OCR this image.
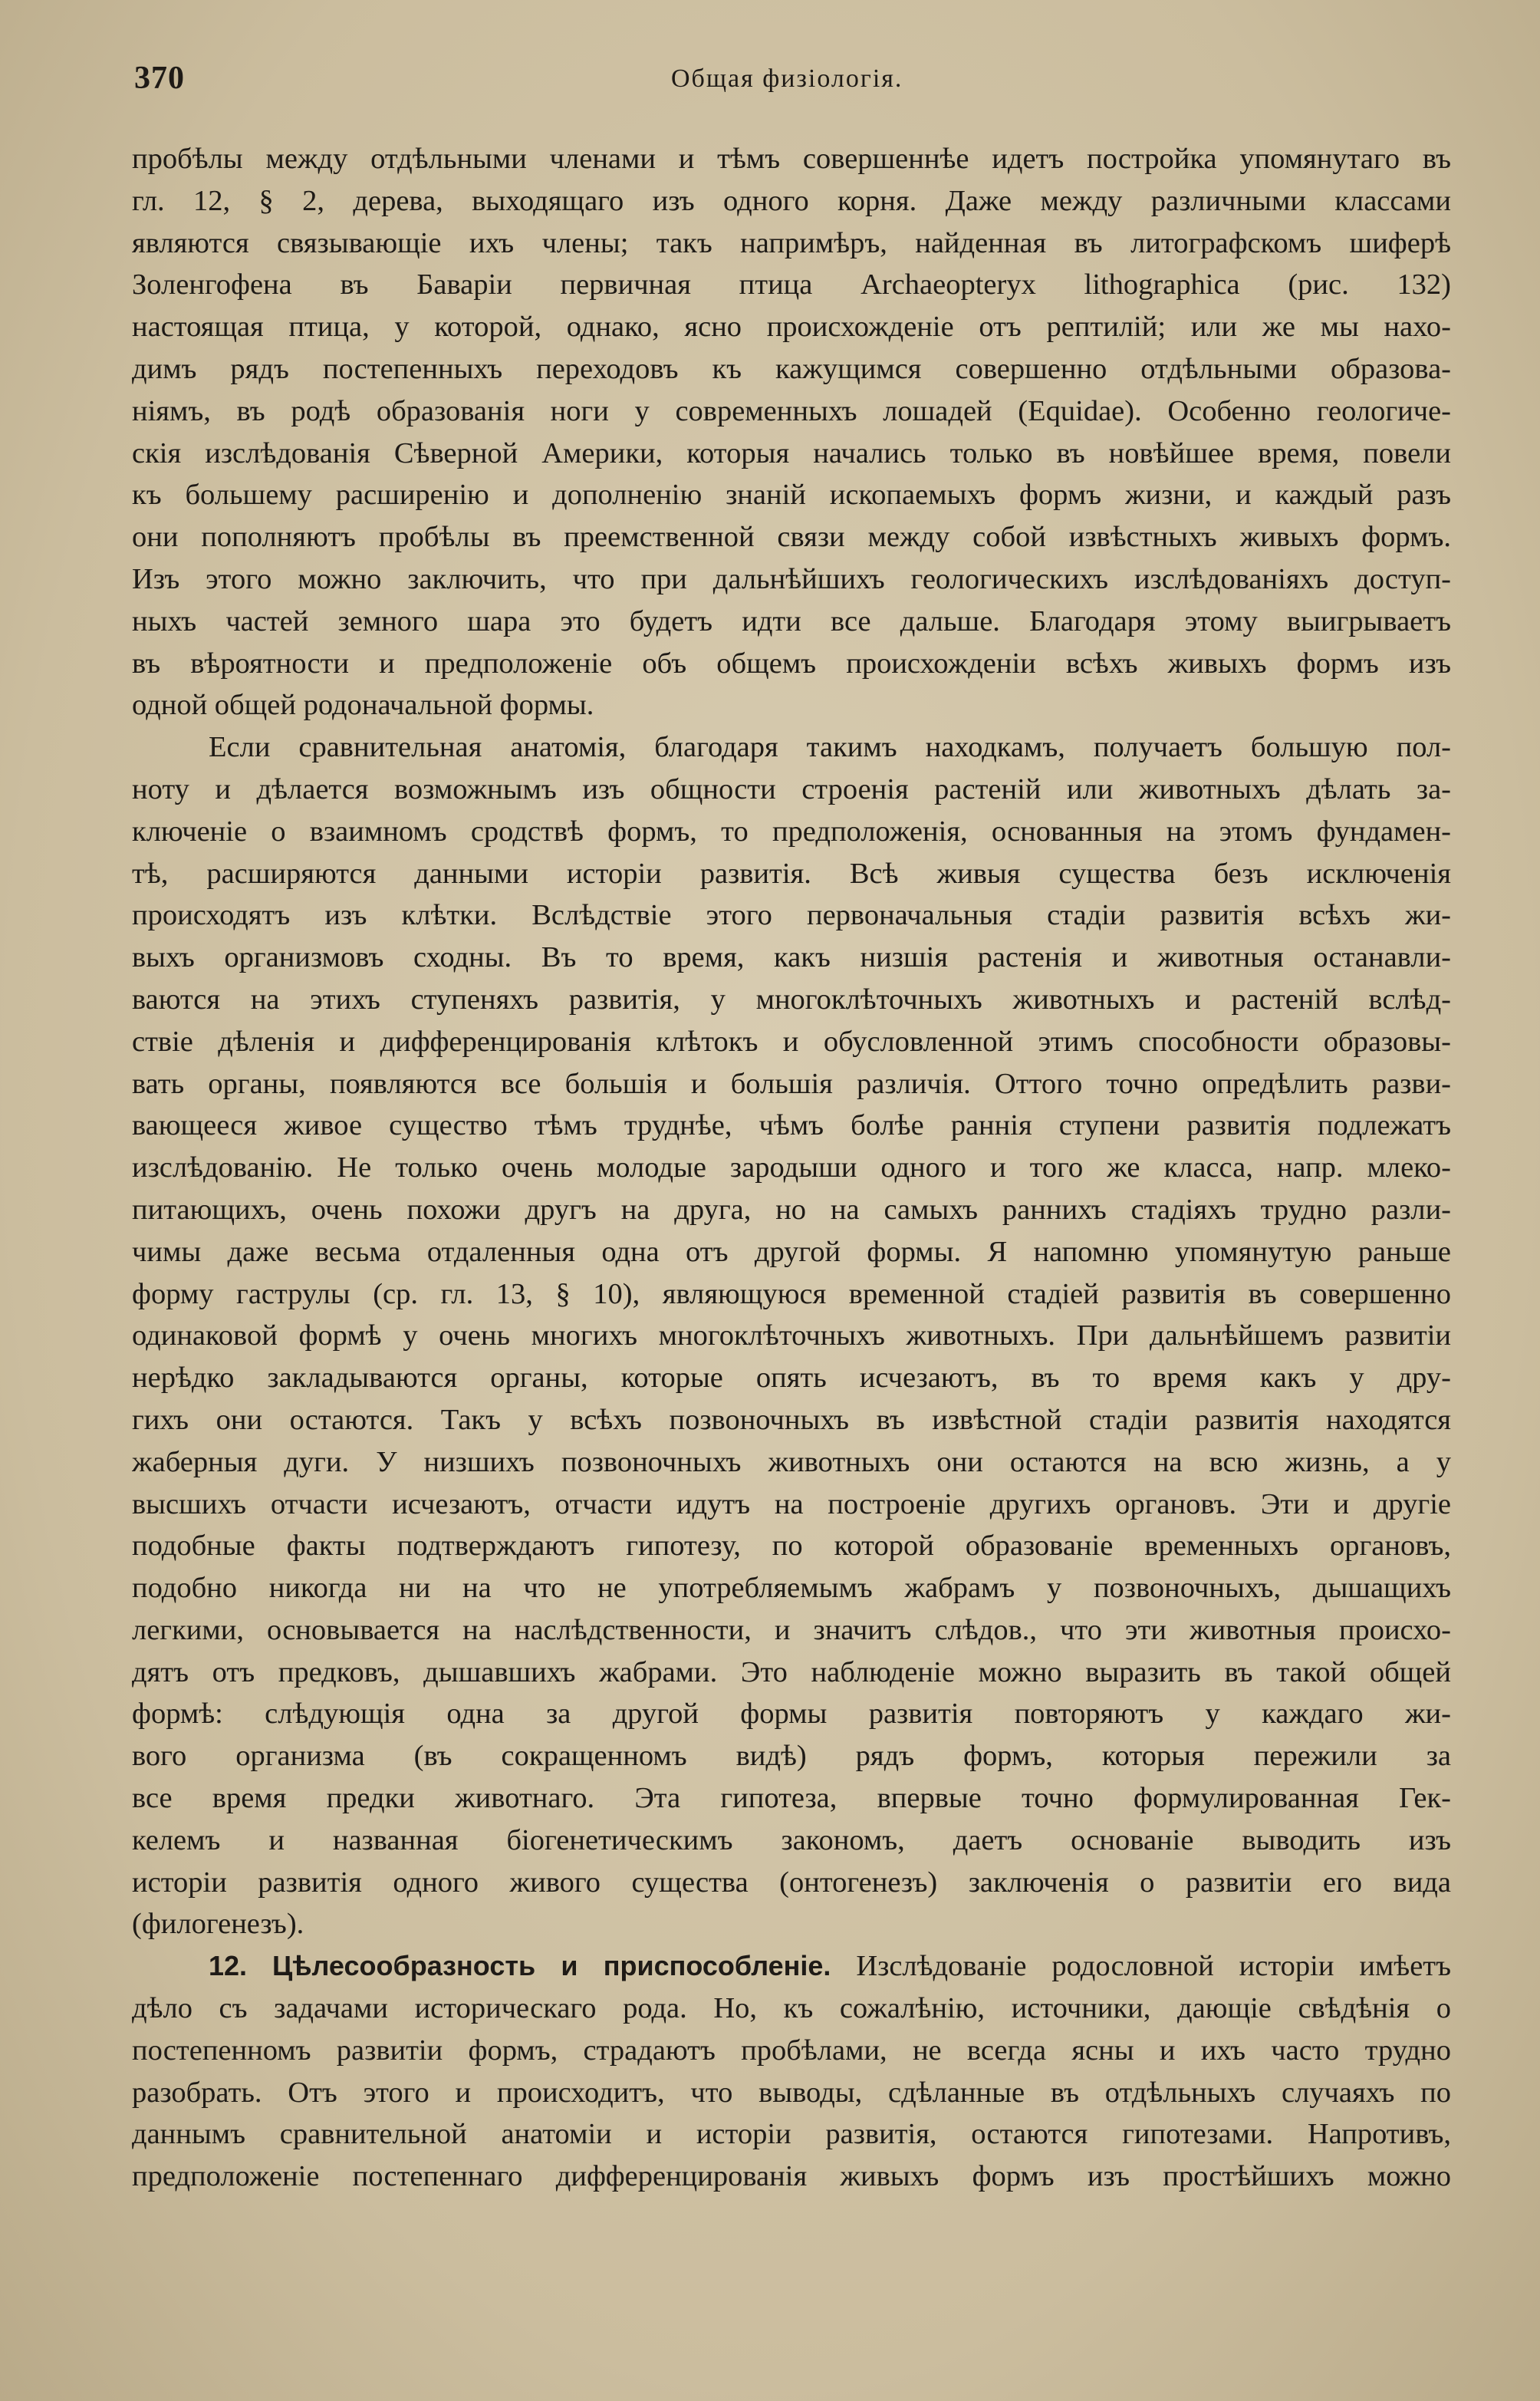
370	Общая физiологiя.
пробѣлы между отдѣльными членами и тѣмъ совершеннѣе идетъ постройка упомянутаго въ
гл. 12, § 2, дерева, выходящаго изъ одного корня. Даже между различными классами
являются связывающiе ихъ члены; такъ напримѣръ, найденная въ литографскомъ шиферѣ
Золенгофена въ Баварiи первичная птица Archaeopteryx lithographica (рис. 132)
настоящая птица, у которой, однако, ясно происхожденiе отъ рептилiй; или же мы нахо-
димъ рядъ постепенныхъ переходовъ къ кажущимся совершенно отдѣльными образова-
нiямъ, въ родѣ образованiя ноги у современныхъ лошадей (Equidae). Особенно геологиче-
скiя изслѣдованiя Сѣверной Америки, которыя начались только въ новѣйшее время, повели
къ большему расширенiю и дополненiю знанiй ископаемыхъ формъ жизни, и каждый разъ
они пополняютъ пробѣлы въ преемственной связи между собой извѣстныхъ живыхъ формъ.
Изъ этого можно заключить, что при дальнѣйшихъ геологическихъ изслѣдованiяхъ доступ-
ныхъ частей земного шара это будетъ идти все дальше. Благодаря этому выигрываетъ
въ вѣроятности и предположенiе объ общемъ происхожденiи всѣхъ живыхъ формъ изъ
одной общей родоначальной формы.
Если сравнительная анатомiя, благодаря такимъ находкамъ, получаетъ большую пол-
ноту и дѣлается возможнымъ изъ общности строенiя растенiй или животныхъ дѣлать за-
ключенiе о взаимномъ сродствѣ формъ, то предположенiя, основанныя на этомъ фундамен-
тѣ, расширяются данными исторiи развитiя. Всѣ живыя существа безъ исключенiя
происходятъ изъ клѣтки. Вслѣдствiе этого первоначальныя стадiи развитiя всѣхъ жи-
выхъ организмовъ сходны. Въ то время, какъ низшiя растенiя и животныя останавли-
ваются на этихъ ступеняхъ развитiя, у многоклѣточныхъ животныхъ и растенiй вслѣд-
ствiе дѣленiя и дифференцированiя клѣтокъ и обусловленной этимъ способности образовы-
вать органы, появляются все большiя и большiя различiя. Оттого точно опредѣлить разви-
вающееся живое существо тѣмъ труднѣе, чѣмъ болѣе раннiя ступени развитiя подлежатъ
изслѣдованiю. Не только очень молодые зародыши одного и того же класса, напр. млеко-
питающихъ, очень похожи другъ на друга, но на самыхъ раннихъ стадiяхъ трудно разли-
чимы даже весьма отдаленныя одна отъ другой формы. Я напомню упомянутую раньше
форму гаструлы (ср. гл. 13, § 10), являющуюся временной стадiей развитiя въ совершенно
одинаковой формѣ у очень многихъ многоклѣточныхъ животныхъ. При дальнѣйшемъ развитiи
нерѣдко закладываются органы, которые опять исчезаютъ, въ то время какъ у дру-
гихъ они остаются. Такъ у всѣхъ позвоночныхъ въ извѣстной стадiи развитiя находятся
жаберныя дуги. У низшихъ позвоночныхъ животныхъ они остаются на всю жизнь, а у
высшихъ отчасти исчезаютъ, отчасти идутъ на построенiе другихъ органовъ. Эти и другiе
подобные факты подтверждаютъ гипотезу, по которой образованiе временныхъ органовъ,
подобно никогда ни на что не употребляемымъ жабрамъ у позвоночныхъ, дышащихъ
легкими, основывается на наслѣдственности, и значитъ слѣдов., что эти животныя происхо-
дятъ отъ предковъ, дышавшихъ жабрами. Это наблюденiе можно выразить въ такой общей
формѣ: слѣдующiя одна за другой формы развитiя повторяютъ у каждаго жи-
вого организма (въ сокращенномъ видѣ) рядъ формъ, которыя пережили за
все время предки животнаго. Эта гипотеза, впервые точно формулированная Гек-
келемъ и названная бiогенетическимъ закономъ, даетъ основанiе выводить изъ
исторiи развитiя одного живого существа (онтогенезъ) заключенiя о развитiи его вида
(филогенезъ).
12. Цѣлесообразность и приспособленiе. Изслѣдованiе родословной исторiи имѣетъ
дѣло съ задачами историческаго рода. Но, къ сожалѣнiю, источники, дающiе свѣдѣнiя о
постепенномъ развитiи формъ, страдаютъ пробѣлами, не всегда ясны и ихъ часто трудно
разобрать. Отъ этого и происходитъ, что выводы, сдѣланные въ отдѣльныхъ случаяхъ по
даннымъ сравнительной анатомiи и исторiи развитiя, остаются гипотезами. Напротивъ,
предположенiе постепеннаго дифференцированiя живыхъ формъ изъ простѣйшихъ можно
